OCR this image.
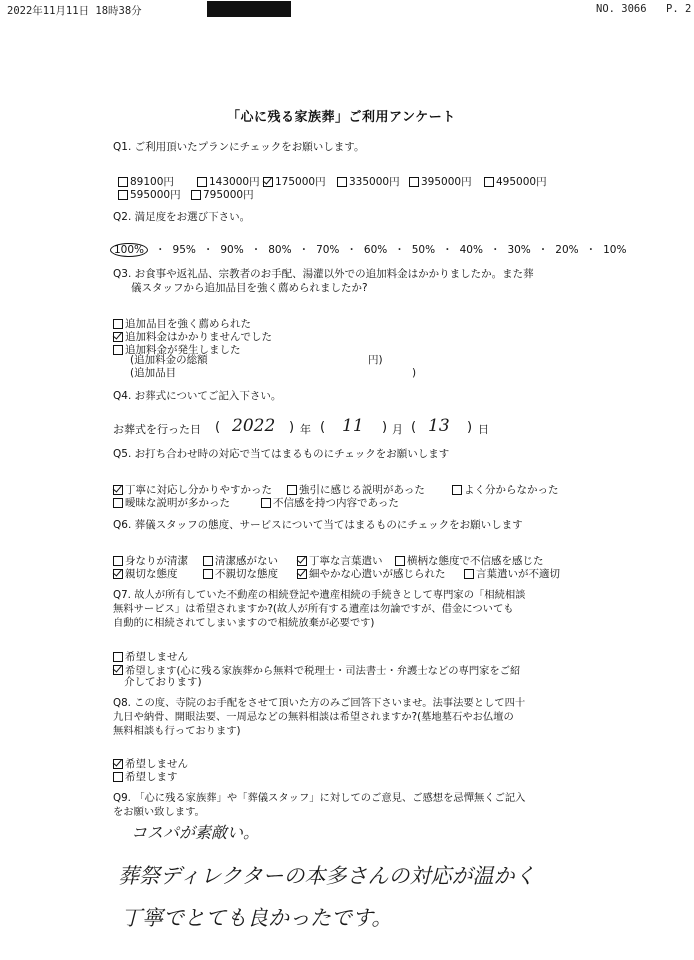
2022年11月11日 18時38分	NO. 3066 P. 2
「心に残る家族葬」ご利用アンケート
Q1. ご利用頂いたプランにチェックをお願いします。
89100円	143000円 175000円 335000円 395000円 495000円
595000円 795000円
Q2. 満足度をお選び下さい。
100%	・ 95% ・ 90% ・ 80% ・ 70% ・ 60% ・ 50% ・ 40% ・ 30% ・ 20% ・ 10%
Q3. お食事や返礼品、宗教者のお手配、湯灌以外での追加料金はかかりましたか。また葬
儀スタッフから追加品目を強く薦められましたか?
追加品目を強く薦められた
追加料金はかかりませんでした
追加料金が発生しました
(追加料金の総額	円)
(追加品目	)
Q4. お葬式についてご記入下さい。
お葬式を行った日 ( 2022 ) 年 ( 11 ) 月 ( 13 ) 日
Q5. お打ち合わせ時の対応で当てはまるものにチェックをお願いします
丁寧に対応し分かりやすかった	強引に感じる説明があった	よく分からなかった
曖昧な説明が多かった	不信感を持つ内容であった
Q6. 葬儀スタッフの態度、サービスについて当てはまるものにチェックをお願いします
身なりが清潔	清潔感がない	丁寧な言葉遣い 横柄な態度で不信感を感じた
親切な態度	不親切な態度	細やかな心遣いが感じられた	言葉遣いが不適切
Q7. 故人が所有していた不動産の相続登記や遺産相続の手続きとして専門家の「相続相談
無料サービス」は希望されますか?(故人が所有する遺産は勿論ですが、借金についても
自動的に相続されてしまいますので相続放棄が必要です)
希望しません
希望します(心に残る家族葬から無料で税理士・司法書士・弁護士などの専門家をご紹
介しております)
Q8. この度、寺院のお手配をさせて頂いた方のみご回答下さいませ。法事法要として四十
九日や納骨、開眼法要、一周忌などの無料相談は希望されますか?(墓地墓石やお仏壇の
無料相談も行っております)
希望しません
希望します
Q9. 「心に残る家族葬」や「葬儀スタッフ」に対してのご意見、ご感想を忌憚無くご記入
をお願い致します。
コスパが素敵い。
葬祭ディレクターの本多さんの対応が温かく
丁寧でとても良かったです。
